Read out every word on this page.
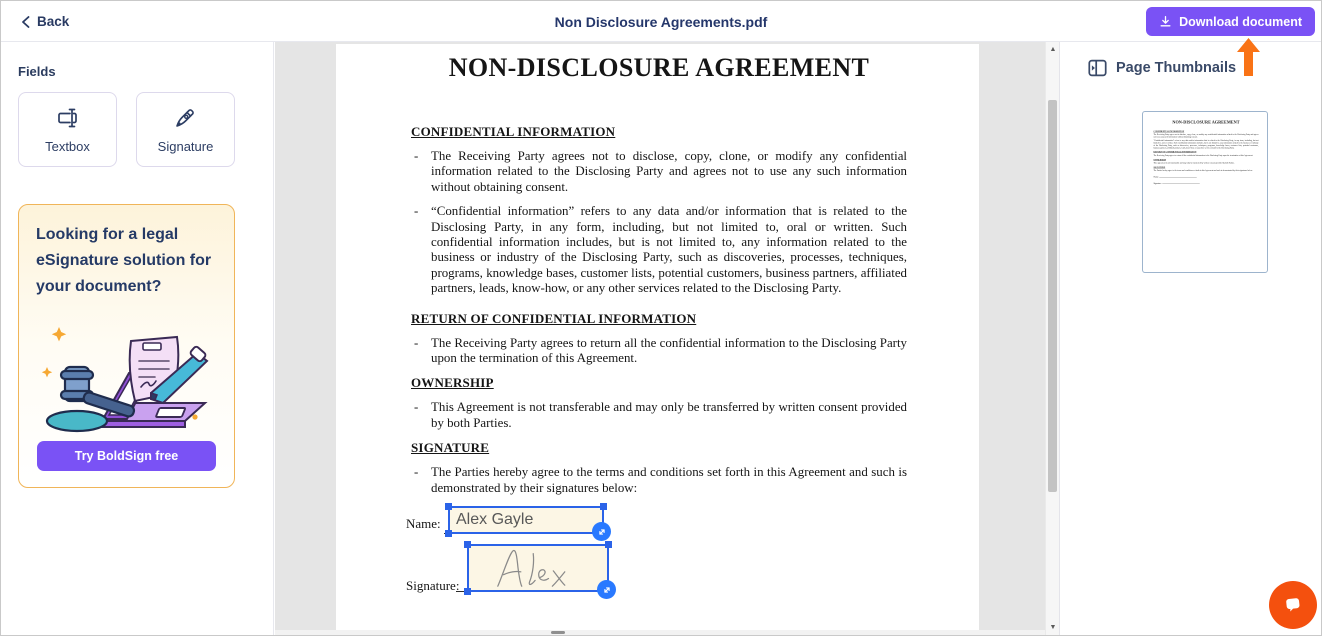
Back	Non Disclosure Agreements.pdf	Download document
Fields
Textbox	Signature
Looking for a legal eSignature solution for your document?
Try BoldSign free
NON-DISCLOSURE AGREEMENT
CONFIDENTIAL INFORMATION

- The Receiving Party agrees not to disclose, copy, clone, or modify any confidential information related to the Disclosing Party and agrees not to use any such information without obtaining consent.

- “Confidential information” refers to any data and/or information that is related to the Disclosing Party, in any form, including, but not limited to, oral or written. Such confidential information includes, but is not limited to, any information related to the business or industry of the Disclosing Party, such as discoveries, processes, techniques, programs, knowledge bases, customer lists, potential customers, business partners, affiliated partners, leads, know-how, or any other services related to the Disclosing Party.

RETURN OF CONFIDENTIAL INFORMATION

- The Receiving Party agrees to return all the confidential information to the Disclosing Party upon the termination of this Agreement.

OWNERSHIP

- This Agreement is not transferable and may only be transferred by written consent provided by both Parties.

SIGNATURE

- The Parties hereby agree to the terms and conditions set forth in this Agreement and such is demonstrated by their signatures below:

Name: Alex Gayle
Signature:
▲
▼
Page Thumbnails
NON-DISCLOSURE AGREEMENT
CONFIDENTIAL INFORMATION

The Receiving Party agrees not to disclose, copy, clone, or modify any confidential information related to the Disclosing Party and agrees not to use any such information without obtaining consent.

“Confidential information” refers to any data and/or information that is related to the Disclosing Party, in any form, including, but not limited to, oral or written. Such confidential information includes, but is not limited to, any information related to the business or industry of the Disclosing Party, such as discoveries, processes, techniques, programs, knowledge bases, customer lists, potential customers, business partners, affiliated partners, leads, know-how, or any other services related to the Disclosing Party.

RETURN OF CONFIDENTIAL INFORMATION

The Receiving Party agrees to return all the confidential information to the Disclosing Party upon the termination of this Agreement.

OWNERSHIP

This Agreement is not transferable and may only be transferred by written consent provided by both Parties.

SIGNATURE

The Parties hereby agree to the terms and conditions set forth in this Agreement and such is demonstrated by their signatures below:

Name:
Signature:
